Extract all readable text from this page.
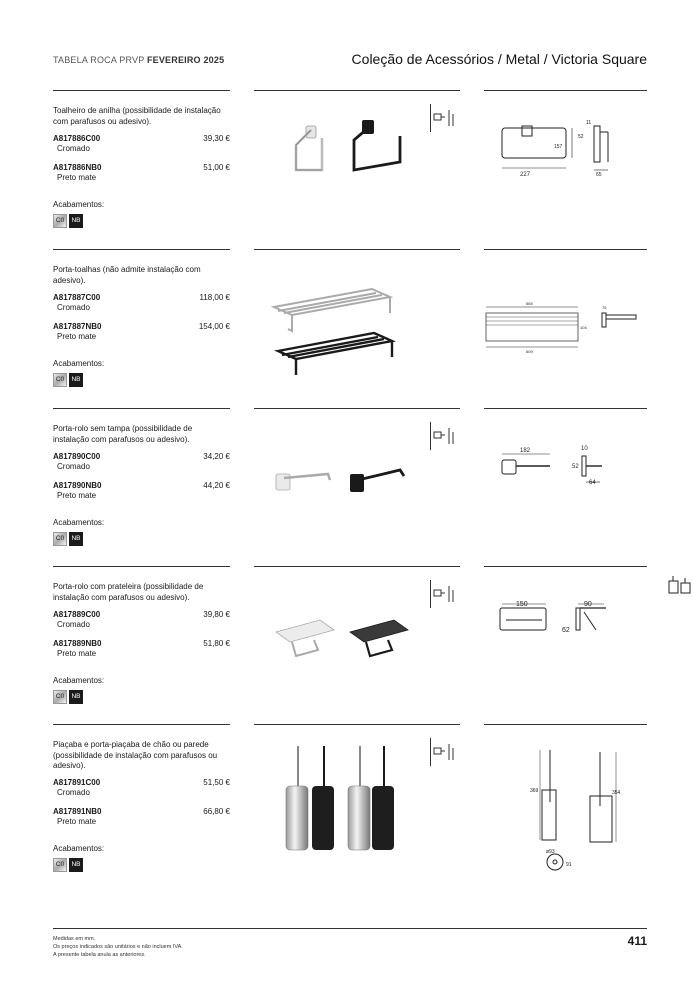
TABELA ROCA PRVP FEVEREIRO 2025	Coleção de Acessórios / Metal / Victoria Square
Toalheiro de anilha (possibilidade de instalação com parafusos ou adesivo).
A817886C00	39,30 €
Cromado
A817886NB0	51,00 €
Preto mate
Acabamentos:
C0	NB
227
157
11
52
65
Porta-toalhas (não admite instalação com adesivo).
A817887C00	118,00 €
Cromado
A817887NB0	154,00 €
Preto mate
Acabamentos:
C0	NB
565
104
609
75
Porta-rolo sem tampa (possibilidade de instalação com parafusos ou adesivo).
A817890C00	34,20 €
Cromado
A817890NB0	44,20 €
Preto mate
Acabamentos:
C0	NB
182	10
52
64
Porta-rolo com prateleira (possibilidade de instalação com parafusos ou adesivo).
A817889C00	39,80 €
Cromado
A817889NB0	51,80 €
Preto mate
Acabamentos:
C0	NB
150	90
62
Piaçaba e porta-piaçaba de chão ou parede (possibilidade de instalação com parafusos ou adesivo).
A817891C00	51,50 €
Cromado
A817891NB0	66,80 €
Preto mate
Acabamentos:
C0	NB
369	354
ø93
91
Medidas em mm.
Os preços indicados são unitários e não incluem IVA.
A presente tabela anula as anteriores.
411
